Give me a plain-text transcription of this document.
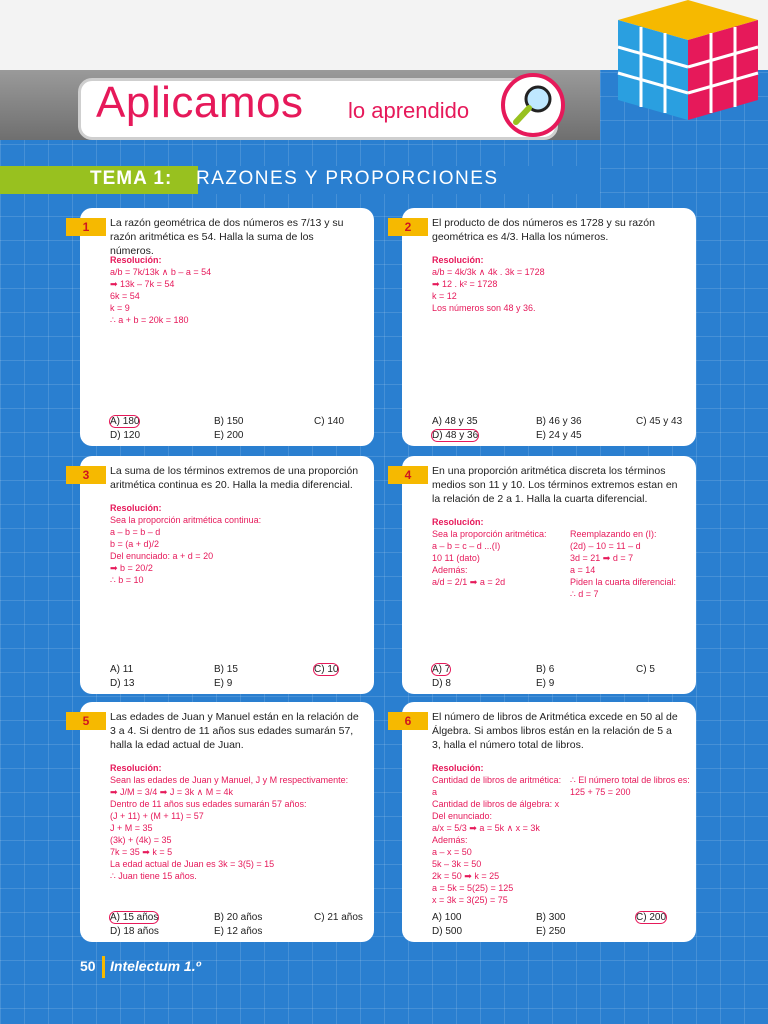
Aplicamos lo aprendido
TEMA 1: RAZONES Y PROPORCIONES
1	La razón geométrica de dos números es 7/13 y su razón aritmética es 54. Halla la suma de los números.
Resolución:
a/b = 7k/13k ∧ b – a = 54
➡ 13k – 7k = 54
6k = 54
k = 9
∴ a + b = 20k = 180
A) 180	B) 150	C) 140
D) 120	E) 200
2	El producto de dos números es 1728 y su razón geométrica es 4/3. Halla los números.
Resolución:
a/b = 4k/3k ∧ 4k . 3k = 1728
➡ 12 . k² = 1728
k = 12
Los números son 48 y 36.
A) 48 y 35	B) 46 y 36	C) 45 y 43
D) 48 y 36	E) 24 y 45
3	La suma de los términos extremos de una proporción aritmética continua es 20. Halla la media diferencial.
Resolución:
Sea la proporción aritmética continua:
a – b = b – d
b = (a + d)/2
Del enunciado: a + d = 20
➡ b = 20/2
∴ b = 10
A) 11	B) 15	C) 10
D) 13	E) 9
4	En una proporción aritmética discreta los términos medios son 11 y 10. Los términos extremos estan en la relación de 2 a 1. Halla la cuarta diferencial.
Resolución:
Sea la proporción aritmética:
a – b = c – d ...(I)
10 11 (dato)
Además:
a/d = 2/1 ➡ a = 2d
Reemplazando en (I):
(2d) – 10 = 11 – d
3d = 21 ➡ d = 7
a = 14
Piden la cuarta diferencial:
∴ d = 7
A) 7	B) 6	C) 5
D) 8	E) 9
5	Las edades de Juan y Manuel están en la relación de 3 a 4. Si dentro de 11 años sus edades sumarán 57, halla la edad actual de Juan.
Resolución:
Sean las edades de Juan y Manuel, J y M respectivamente:
➡ J/M = 3/4 ➡ J = 3k ∧ M = 4k
Dentro de 11 años sus edades sumarán 57 años:
(J + 11) + (M + 11) = 57
J + M = 35
(3k) + (4k) = 35
7k = 35 ➡ k = 5
La edad actual de Juan es 3k = 3(5) = 15
∴ Juan tiene 15 años.
A) 15 años	B) 20 años	C) 21 años
D) 18 años	E) 12 años
6	El número de libros de Aritmética excede en 50 al de Álgebra. Si ambos libros están en la relación de 5 a 3, halla el número total de libros.
Resolución:
Cantidad de libros de aritmética: a
Cantidad de libros de álgebra: x
Del enunciado:
a/x = 5/3 ➡ a = 5k ∧ x = 3k
Además:
a – x = 50
5k – 3k = 50
2k = 50 ➡ k = 25
a = 5k = 5(25) = 125
x = 3k = 3(25) = 75
∴ El número total de libros es:
125 + 75 = 200
A) 100	B) 300	C) 200
D) 500	E) 250
50 Intelectum 1.º
